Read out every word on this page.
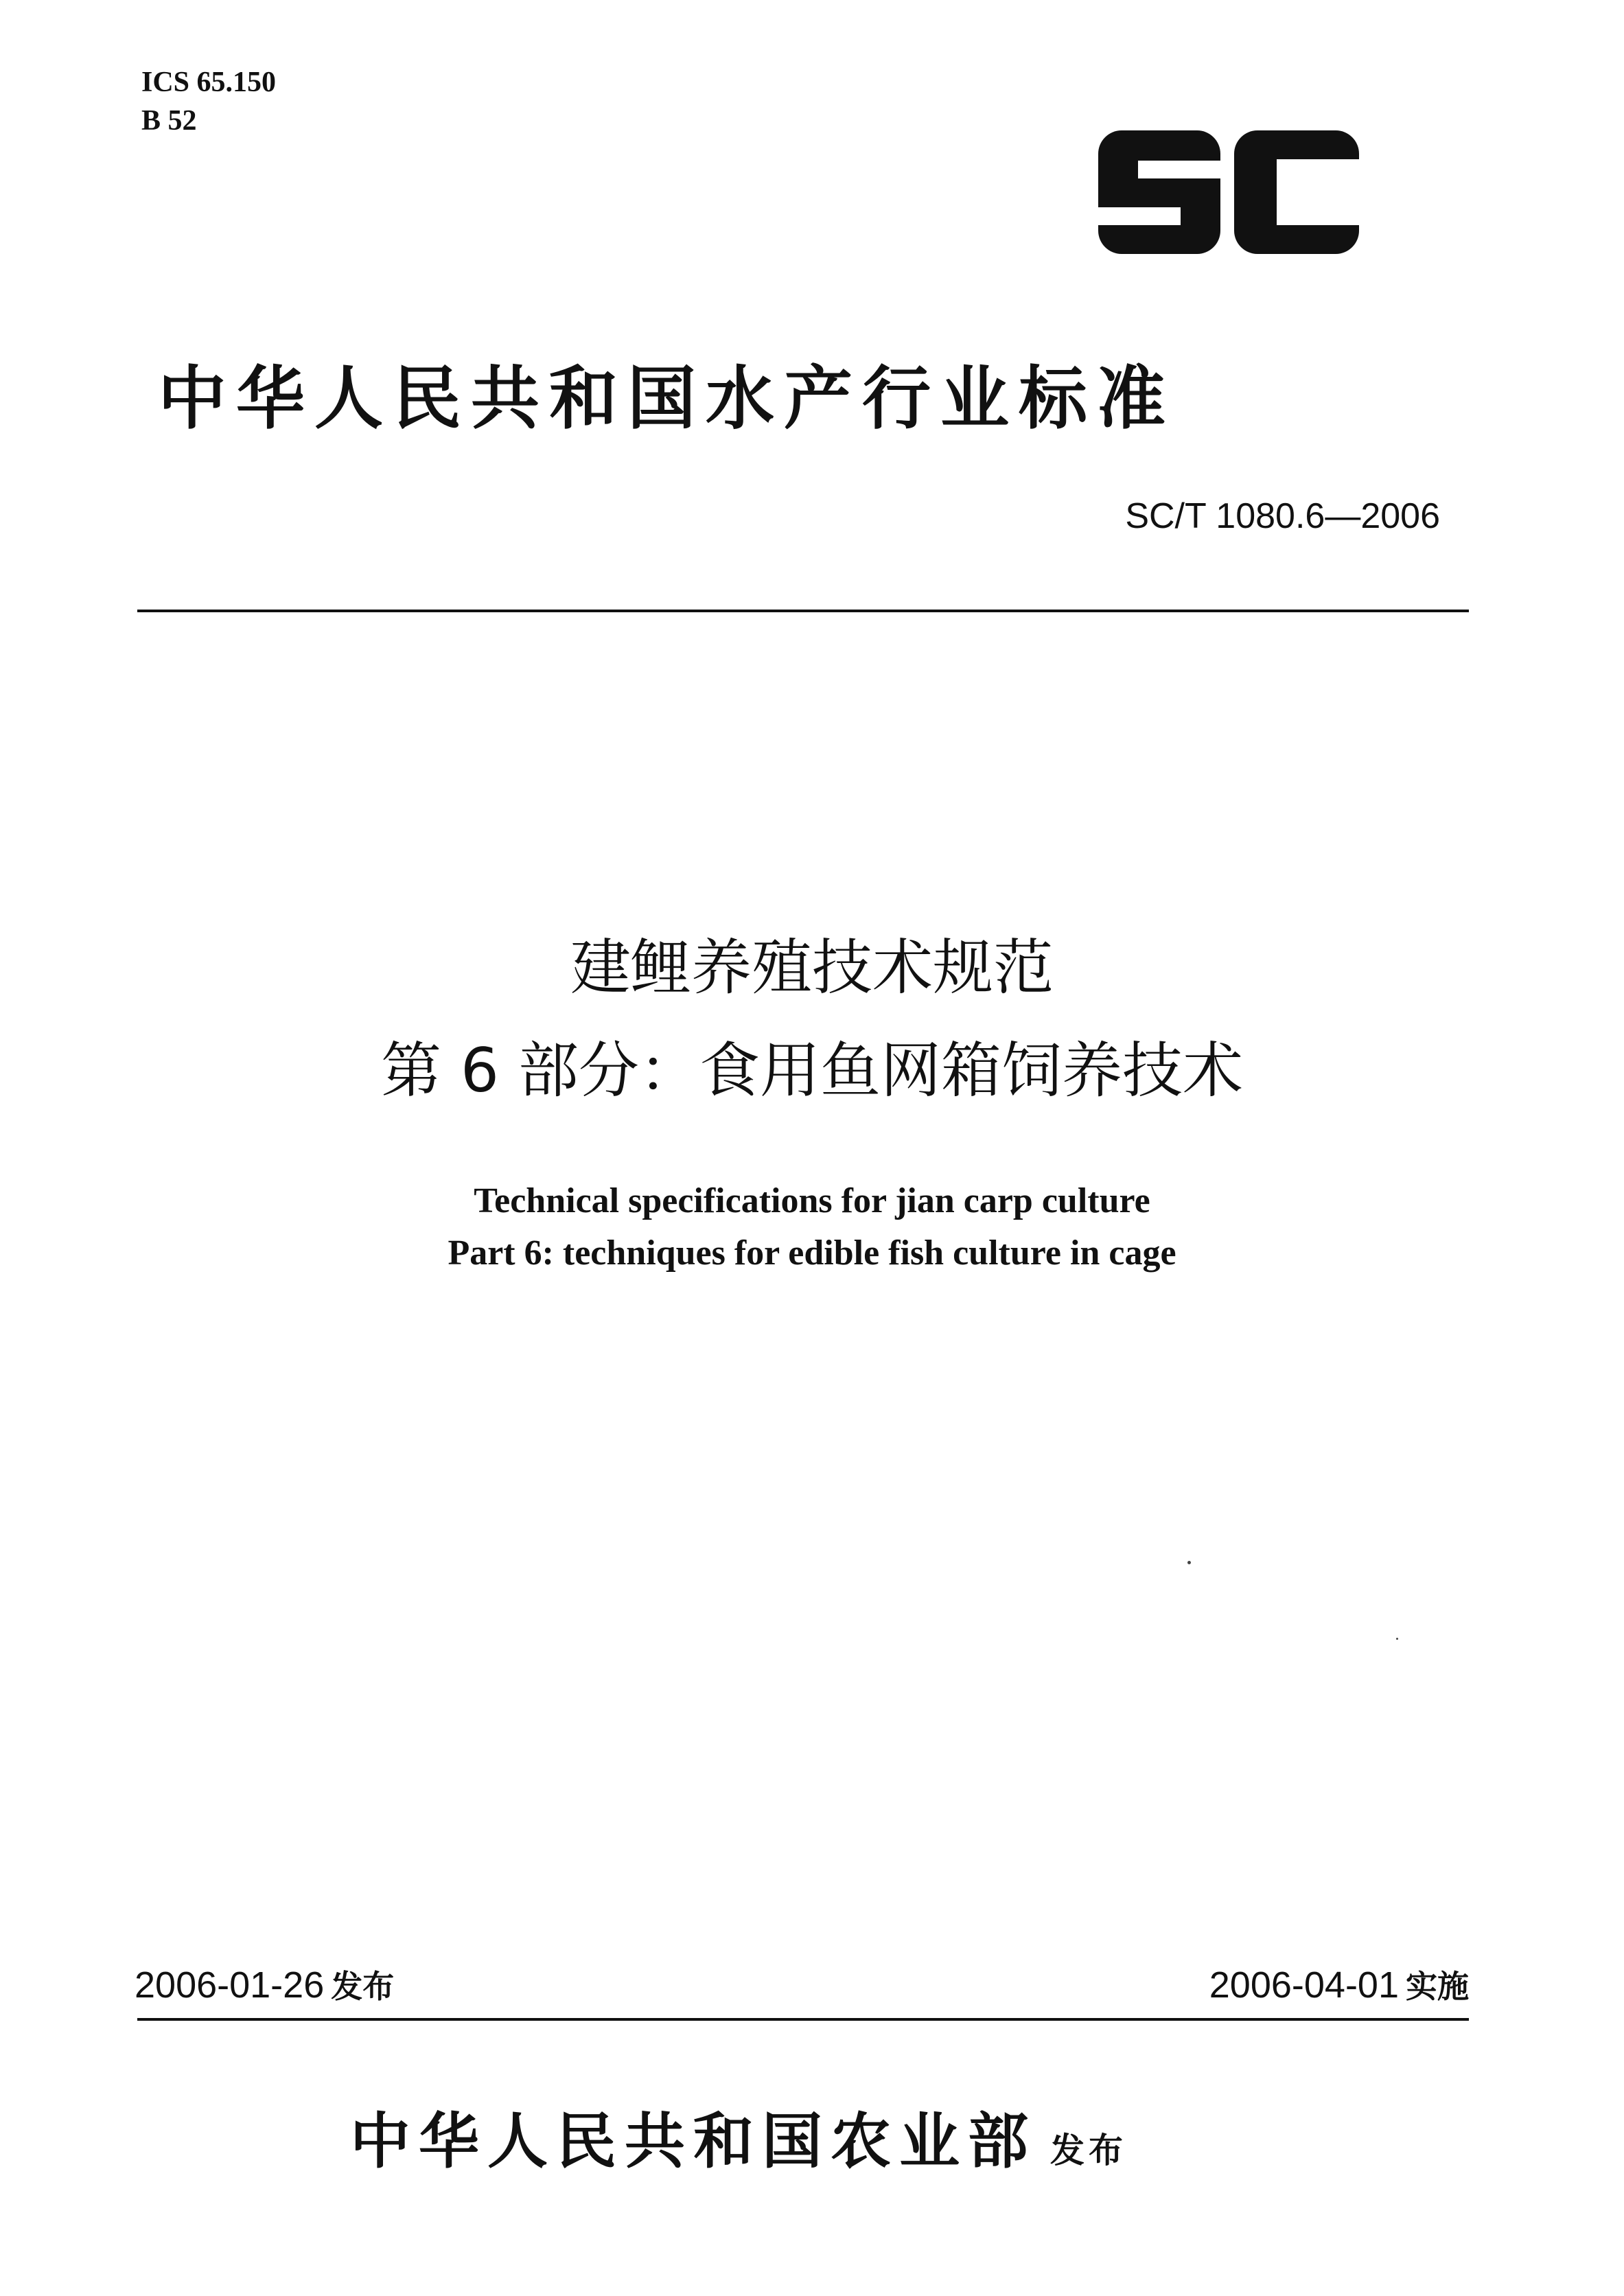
ICS 65.150
B 52	SC
中华人民共和国水产行业标准
SC/T 1080.6—2006
建鲤养殖技术规范
第 6 部分：食用鱼网箱饲养技术
Technical specifications for jian carp culture
Part 6: techniques for edible fish culture in cage
2006-01-26 发布	2006-04-01 实施
中华人民共和国农业部 发布
